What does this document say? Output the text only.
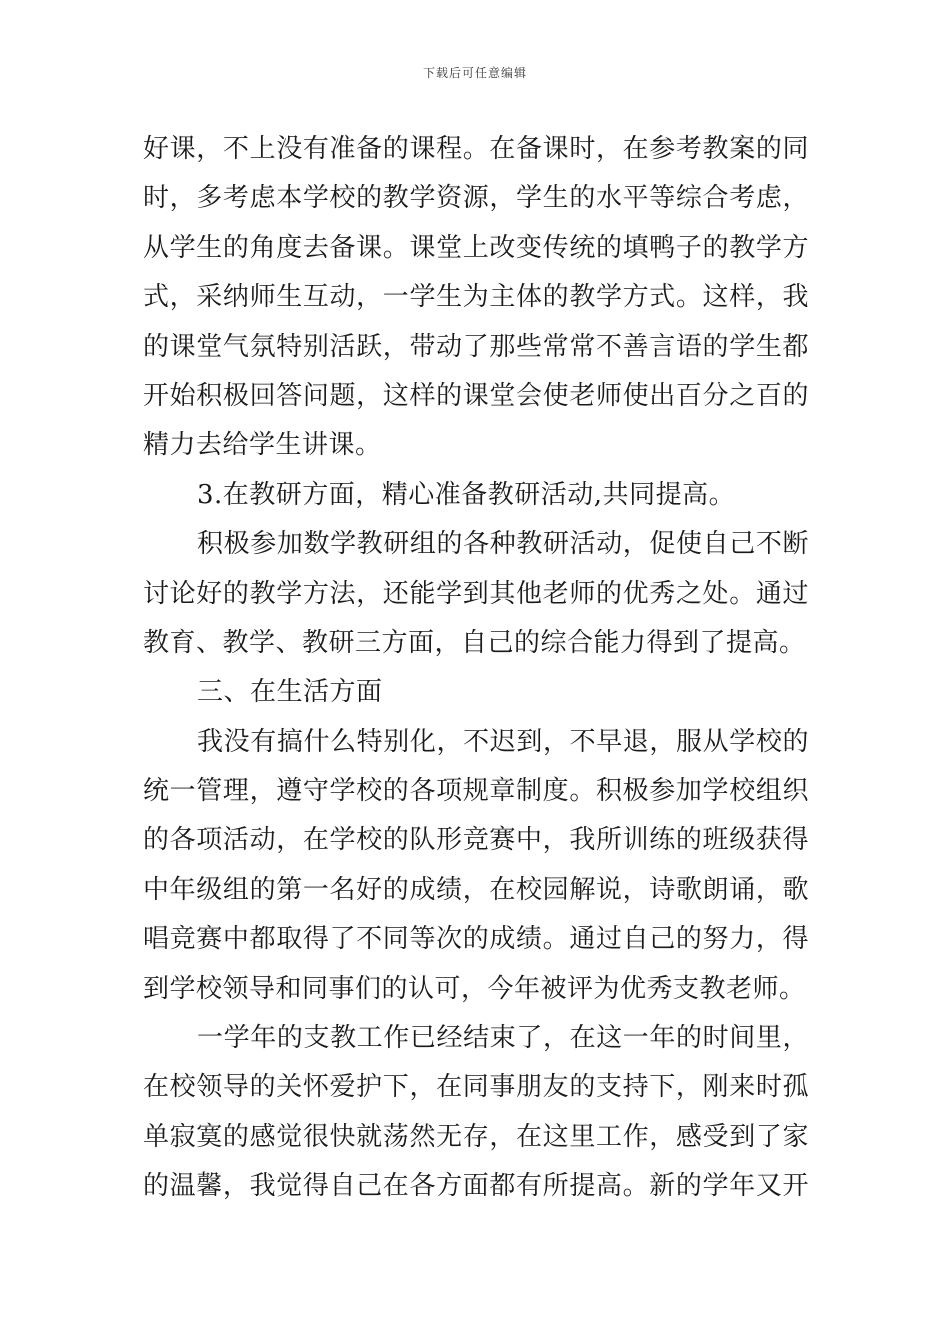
下载后可任意编辑
好课，不上没有准备的课程。在备课时，在参考教案的同
时，多考虑本学校的教学资源，学生的水平等综合考虑，
从学生的角度去备课。课堂上改变传统的填鸭子的教学方
式，采纳师生互动，一学生为主体的教学方式。这样，我
的课堂气氛特别活跃，带动了那些常常不善言语的学生都
开始积极回答问题，这样的课堂会使老师使出百分之百的
精力去给学生讲课。
3.在教研方面，精心准备教研活动,共同提高。
积极参加数学教研组的各种教研活动，促使自己不断
讨论好的教学方法，还能学到其他老师的优秀之处。通过
教育、教学、教研三方面，自己的综合能力得到了提高。
三、在生活方面
我没有搞什么特别化，不迟到，不早退，服从学校的
统一管理，遵守学校的各项规章制度。积极参加学校组织
的各项活动，在学校的队形竞赛中，我所训练的班级获得
中年级组的第一名好的成绩，在校园解说，诗歌朗诵，歌
唱竞赛中都取得了不同等次的成绩。通过自己的努力，得
到学校领导和同事们的认可，今年被评为优秀支教老师。
一学年的支教工作已经结束了，在这一年的时间里，
在校领导的关怀爱护下，在同事朋友的支持下，刚来时孤
单寂寞的感觉很快就荡然无存，在这里工作，感受到了家
的温馨，我觉得自己在各方面都有所提高。新的学年又开
